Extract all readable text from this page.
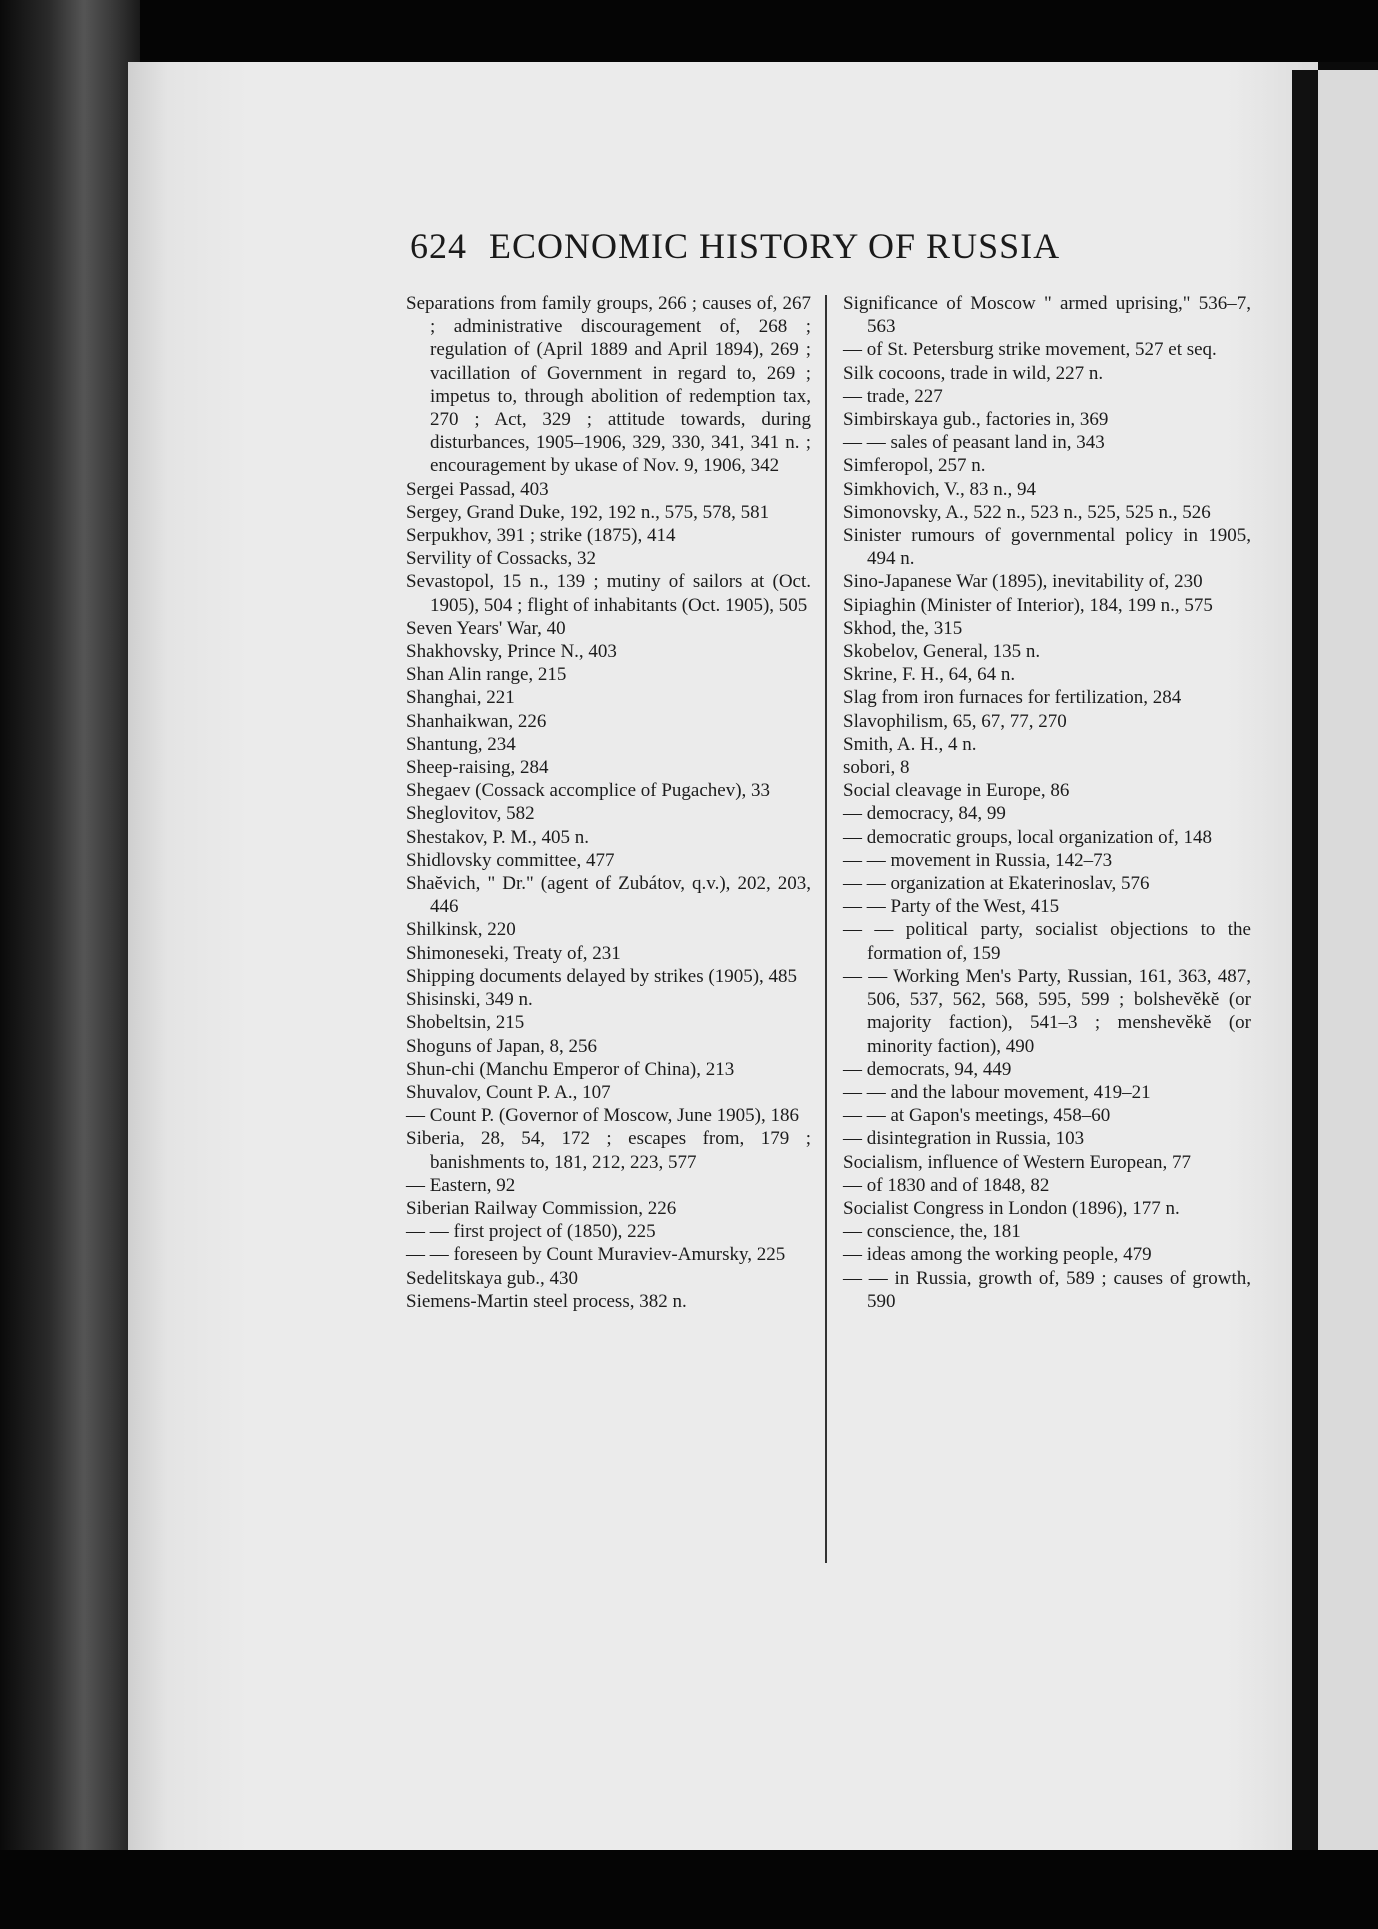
624 ECONOMIC HISTORY OF RUSSIA

Separations from family groups, 266 ; causes of, 267 ; administrative discouragement of, 268 ; regulation of (April 1889 and April 1894), 269 ; vacillation of Government in regard to, 269 ; impetus to, through abolition of redemption tax, 270 ; Act, 329 ; attitude towards, during disturbances, 1905–1906, 329, 330, 341, 341 n. ; encouragement by ukase of Nov. 9, 1906, 342

Sergei Passad, 403

Sergey, Grand Duke, 192, 192 n., 575, 578, 581

Serpukhov, 391 ; strike (1875), 414

Servility of Cossacks, 32

Sevastopol, 15 n., 139 ; mutiny of sailors at (Oct. 1905), 504 ; flight of inhabitants (Oct. 1905), 505

Seven Years' War, 40

Shakhovsky, Prince N., 403

Shan Alin range, 215

Shanghai, 221

Shanhaikwan, 226

Shantung, 234

Sheep-raising, 284

Shegaev (Cossack accomplice of Pugachev), 33

Sheglovitov, 582

Shestakov, P. M., 405 n.

Shidlovsky committee, 477

Shaĕvich, " Dr." (agent of Zubátov, q.v.), 202, 203, 446

Shilkinsk, 220

Shimoneseki, Treaty of, 231

Shipping documents delayed by strikes (1905), 485

Shisinski, 349 n.

Shobeltsin, 215

Shoguns of Japan, 8, 256

Shun-chi (Manchu Emperor of China), 213

Shuvalov, Count P. A., 107

— Count P. (Governor of Moscow, June 1905), 186

Siberia, 28, 54, 172 ; escapes from, 179 ; banishments to, 181, 212, 223, 577

— Eastern, 92

Siberian Railway Commission, 226

— — first project of (1850), 225

— — foreseen by Count Muraviev-Amursky, 225

Sedelitskaya gub., 430

Siemens-Martin steel process, 382 n.

Significance of Moscow " armed uprising," 536–7, 563

— of St. Petersburg strike movement, 527 et seq.

Silk cocoons, trade in wild, 227 n.

— trade, 227

Simbirskaya gub., factories in, 369

— — sales of peasant land in, 343

Simferopol, 257 n.

Simkhovich, V., 83 n., 94

Simonovsky, A., 522 n., 523 n., 525, 525 n., 526

Sinister rumours of governmental policy in 1905, 494 n.

Sino-Japanese War (1895), inevitability of, 230

Sipiaghin (Minister of Interior), 184, 199 n., 575

Skhod, the, 315

Skobelov, General, 135 n.

Skrine, F. H., 64, 64 n.

Slag from iron furnaces for fertilization, 284

Slavophilism, 65, 67, 77, 270

Smith, A. H., 4 n.

sobori, 8

Social cleavage in Europe, 86

— democracy, 84, 99

— democratic groups, local organization of, 148

— — movement in Russia, 142–73

— — organization at Ekaterinoslav, 576

— — Party of the West, 415

— — political party, socialist objections to the formation of, 159

— — Working Men's Party, Russian, 161, 363, 487, 506, 537, 562, 568, 595, 599 ; bolshevĕkĕ (or majority faction), 541–3 ; menshevĕkĕ (or minority faction), 490

— democrats, 94, 449

— — and the labour movement, 419–21

— — at Gapon's meetings, 458–60

— disintegration in Russia, 103

Socialism, influence of Western European, 77

— of 1830 and of 1848, 82

Socialist Congress in London (1896), 177 n.

— conscience, the, 181

— ideas among the working people, 479

— — in Russia, growth of, 589 ; causes of growth, 590
